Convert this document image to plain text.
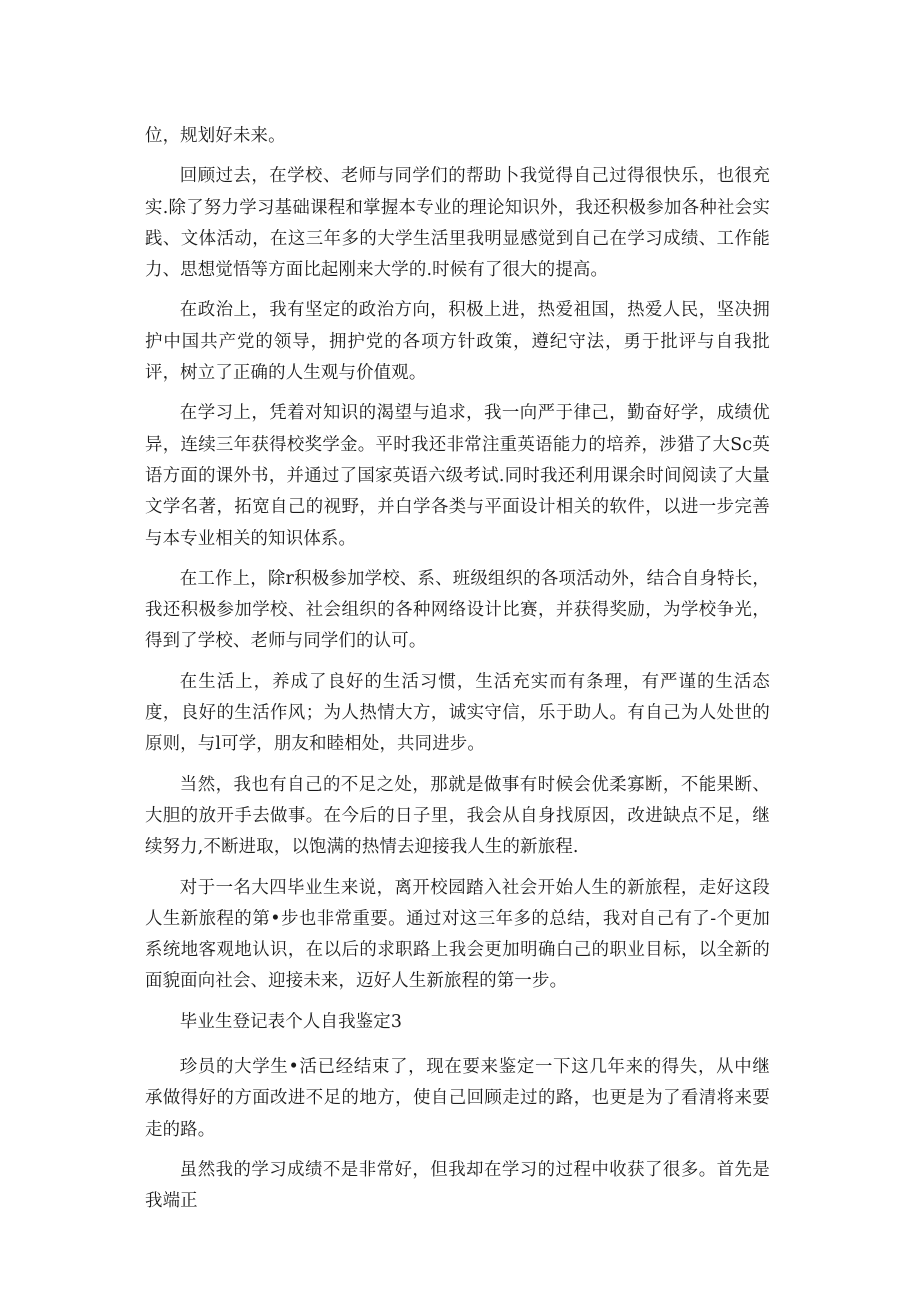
位，规划好未来。

回顾过去，在学校、老师与同学们的帮助卜我觉得自己过得很快乐，也很充实.除了努力学习基础课程和掌握本专业的理论知识外，我还积极参加各种社会实践、文体活动，在这三年多的大学生活里我明显感觉到自己在学习成绩、工作能力、思想觉悟等方面比起刚来大学的.时候有了很大的提高。

在政治上，我有坚定的政治方向，积极上进，热爱祖国，热爱人民，坚决拥护中国共产党的领导，拥护党的各项方针政策，遵纪守法，勇于批评与自我批评，树立了正确的人生观与价值观。

在学习上，凭着对知识的渴望与追求，我一向严于律己，勤奋好学，成绩优异，连续三年获得校奖学金。平时我还非常注重英语能力的培养，涉猎了大Sc英语方面的课外书，并通过了国家英语六级考试.同时我还利用课余时间阅读了大量文学名著，拓宽自己的视野，并白学各类与平面设计相关的软件，以进一步完善与本专业相关的知识体系。

在工作上，除r积极参加学校、系、班级组织的各项活动外，结合自身特长，我还积极参加学校、社会组织的各种网络设计比赛，并获得奖励，为学校争光，得到了学校、老师与同学们的认可。

在生活上，养成了良好的生活习惯，生活充实而有条理，有严谨的生活态度，良好的生活作风；为人热情大方，诚实守信，乐于助人。有自己为人处世的原则，与l可学，朋友和睦相处，共同进步。

当然，我也有自己的不足之处，那就是做事有时候会优柔寡断，不能果断、大胆的放开手去做事。在今后的日子里，我会从自身找原因，改进缺点不足，继续努力,不断进取，以饱满的热情去迎接我人生的新旅程.

对于一名大四毕业生来说，离开校园踏入社会开始人生的新旅程，走好这段人生新旅程的第•步也非常重要。通过对这三年多的总结，我对自己有了-个更加系统地客观地认识，在以后的求职路上我会更加明确白己的职业目标，以全新的面貌面向社会、迎接未来，迈好人生新旅程的第一步。

毕业生登记表个人自我鉴定3

珍员的大学生•活已经结束了，现在要来鉴定一下这几年来的得失，从中继承做得好的方面改进不足的地方，使自己回顾走过的路，也更是为了看清将来要走的路。

虽然我的学习成绩不是非常好，但我却在学习的过程中收获了很多。首先是我端正
